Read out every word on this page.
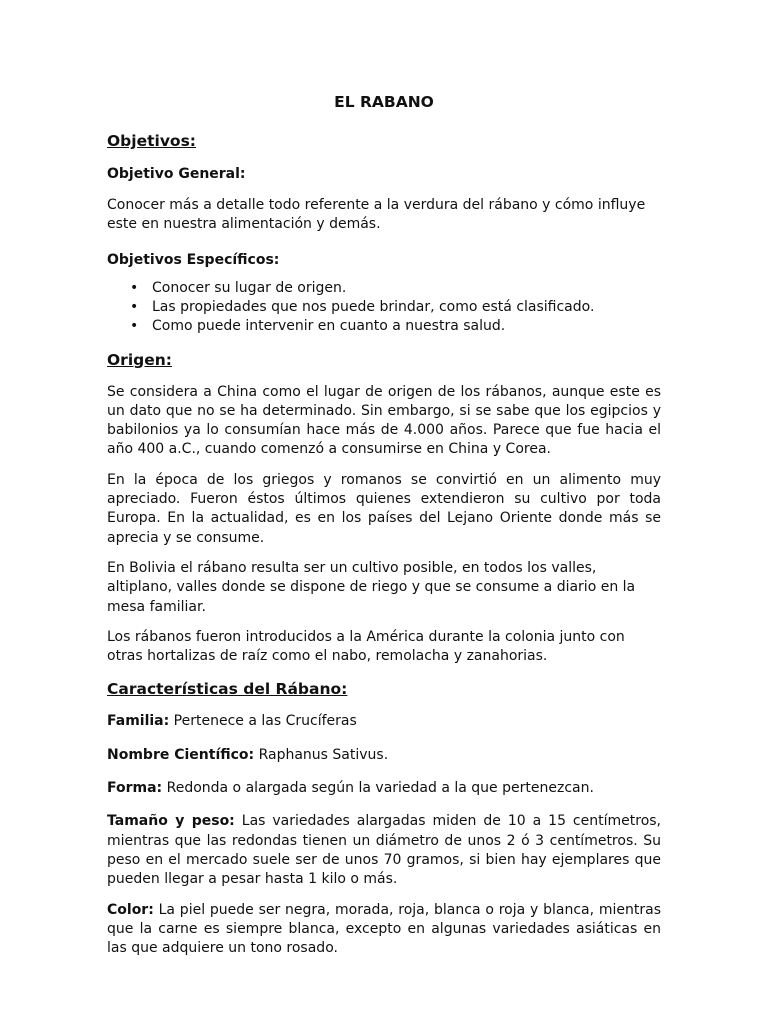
EL RABANO
Objetivos:
Objetivo General:
Conocer más a detalle todo referente a la verdura del rábano y cómo influye este en nuestra alimentación y demás.
Objetivos Específicos:
• Conocer su lugar de origen.
• Las propiedades que nos puede brindar, como está clasificado.
• Como puede intervenir en cuanto a nuestra salud.
Origen:
Se considera a China como el lugar de origen de los rábanos, aunque este es un dato que no se ha determinado. Sin embargo, si se sabe que los egipcios y babilonios ya lo consumían hace más de 4.000 años. Parece que fue hacia el año 400 a.C., cuando comenzó a consumirse en China y Corea.
En la época de los griegos y romanos se convirtió en un alimento muy apreciado. Fueron éstos últimos quienes extendieron su cultivo por toda Europa. En la actualidad, es en los países del Lejano Oriente donde más se aprecia y se consume.
En Bolivia el rábano resulta ser un cultivo posible, en todos los valles, altiplano, valles donde se dispone de riego y que se consume a diario en la mesa familiar.
Los rábanos fueron introducidos a la América durante la colonia junto con otras hortalizas de raíz como el nabo, remolacha y zanahorias.
Características del Rábano:
Familia: Pertenece a las Crucíferas
Nombre Científico: Raphanus Sativus.
Forma: Redonda o alargada según la variedad a la que pertenezcan.
Tamaño y peso: Las variedades alargadas miden de 10 a 15 centímetros, mientras que las redondas tienen un diámetro de unos 2 ó 3 centímetros. Su peso en el mercado suele ser de unos 70 gramos, si bien hay ejemplares que pueden llegar a pesar hasta 1 kilo o más.
Color: La piel puede ser negra, morada, roja, blanca o roja y blanca, mientras que la carne es siempre blanca, excepto en algunas variedades asiáticas en las que adquiere un tono rosado.
